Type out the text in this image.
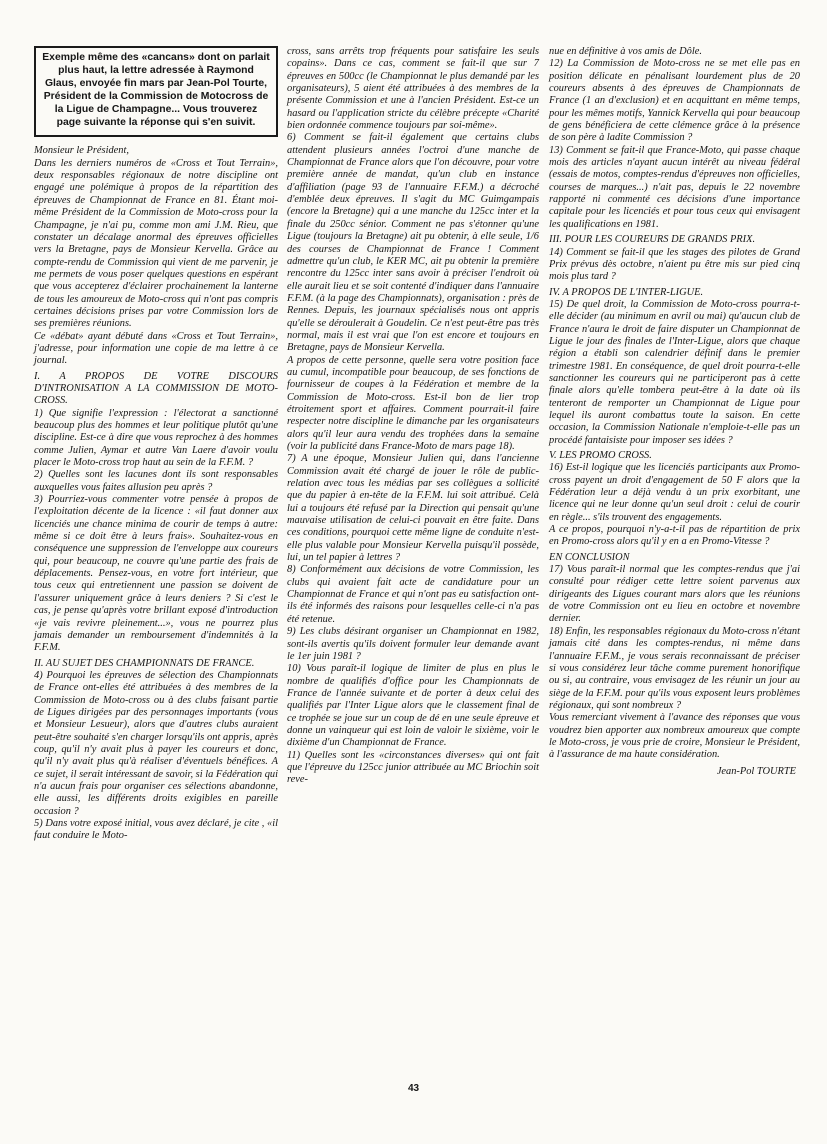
Exemple même des «cancans» dont on parlait plus haut, la lettre adressée à Raymond Glaus, envoyée fin mars par Jean-Pol Tourte, Président de la Commission de Motocross de la Ligue de Champagne... Vous trouverez page suivante la réponse qui s'en suivit.

Monsieur le Président,

Dans les derniers numéros de «Cross et Tout Terrain», deux responsables régionaux de notre discipline ont engagé une polémique à propos de la répartition des épreuves de Championnat de France en 81. Étant moi-même Président de la Commission de Moto-cross pour la Champagne, je n'ai pu, comme mon ami J.M. Rieu, que constater un décalage anormal des épreuves officielles vers la Bretagne, pays de Monsieur Kervella. Grâce au compte-rendu de Commission qui vient de me parvenir, je me permets de vous poser quelques questions en espérant que vous accepterez d'éclairer prochainement la lanterne de tous les amoureux de Moto-cross qui n'ont pas compris certaines décisions prises par votre Commission lors de ses premières réunions.

Ce «débat» ayant débuté dans «Cross et Tout Terrain», j'adresse, pour information une copie de ma lettre à ce journal.

I. A PROPOS DE VOTRE DISCOURS D'INTRONISATION A LA COMMISSION DE MOTO-CROSS.

1) Que signifie l'expression : l'électorat a sanctionné beaucoup plus des hommes et leur politique plutôt qu'une discipline. Est-ce à dire que vous reprochez à des hommes comme Julien, Aymar et autre Van Laere d'avoir voulu placer le Moto-cross trop haut au sein de la F.F.M. ?

2) Quelles sont les lacunes dont ils sont responsables auxquelles vous faites allusion peu après ?

3) Pourriez-vous commenter votre pensée à propos de l'exploitation décente de la licence : «il faut donner aux licenciés une chance minima de courir de temps à autre: même si ce doit être à leurs frais». Souhaitez-vous en conséquence une suppression de l'enveloppe aux coureurs qui, pour beaucoup, ne couvre qu'une partie des frais de déplacements. Pensez-vous, en votre fort intérieur, que tous ceux qui entretiennent une passion se doivent de l'assurer uniquement grâce à leurs deniers ? Si c'est le cas, je pense qu'après votre brillant exposé d'introduction «je vais revivre pleinement...», vous ne pourrez plus jamais demander un remboursement d'indemnités à la F.F.M.

II. AU SUJET DES CHAMPIONNATS DE FRANCE.

4) Pourquoi les épreuves de sélection des Championnats de France ont-elles été attribuées à des membres de la Commission de Moto-cross ou à des clubs faisant partie de Ligues dirigées par des personnages importants (vous et Monsieur Lesueur), alors que d'autres clubs auraient peut-être souhaité s'en charger lorsqu'ils ont appris, après coup, qu'il n'y avait plus à payer les coureurs et donc, qu'il n'y avait plus qu'à réaliser d'éventuels bénéfices. A ce sujet, il serait intéressant de savoir, si la Fédération qui n'a aucun frais pour organiser ces sélections abandonne, elle aussi, les différents droits exigibles en pareille occasion ?

5) Dans votre exposé initial, vous avez déclaré, je cite , «il faut conduire le Moto-

cross, sans arrêts trop fréquents pour satisfaire les seuls copains». Dans ce cas, comment se fait-il que sur 7 épreuves en 500cc (le Championnat le plus demandé par les organisateurs), 5 aient été attribuées à des membres de la présente Commission et une à l'ancien Président. Est-ce un hasard ou l'application stricte du célèbre précepte «Charité bien ordonnée commence toujours par soi-même».

6) Comment se fait-il également que certains clubs attendent plusieurs années l'octroi d'une manche de Championnat de France alors que l'on découvre, pour votre première année de mandat, qu'un club en instance d'affiliation (page 93 de l'annuaire F.F.M.) a décroché d'emblée deux épreuves. Il s'agit du MC Guimgampais (encore la Bretagne) qui a une manche du 125cc inter et la finale du 250cc sénior. Comment ne pas s'étonner qu'une Ligue (toujours la Bretagne) ait pu obtenir, à elle seule, 1/6 des courses de Championnat de France ! Comment admettre qu'un club, le KER MC, ait pu obtenir la première rencontre du 125cc inter sans avoir à préciser l'endroit où elle aurait lieu et se soit contenté d'indiquer dans l'annuaire F.F.M. (à la page des Championnats), organisation : près de Rennes. Depuis, les journaux spécialisés nous ont appris qu'elle se déroulerait à Goudelin. Ce n'est peut-être pas très normal, mais il est vrai que l'on est encore et toujours en Bretagne, pays de Monsieur Kervella.

A propos de cette personne, quelle sera votre position face au cumul, incompatible pour beaucoup, de ses fonctions de fournisseur de coupes à la Fédération et membre de la Commission de Moto-cross. Est-il bon de lier trop étroitement sport et affaires. Comment pourrait-il faire respecter notre discipline le dimanche par les organisateurs alors qu'il leur aura vendu des trophées dans la semaine (voir la publicité dans France-Moto de mars page 18).

7) A une époque, Monsieur Julien qui, dans l'ancienne Commission avait été chargé de jouer le rôle de public-relation avec tous les médias par ses collègues a sollicité que du papier à en-tête de la F.F.M. lui soit attribué. Celà lui a toujours été refusé par la Direction qui pensait qu'une mauvaise utilisation de celui-ci pouvait en être faite. Dans ces conditions, pourquoi cette même ligne de conduite n'est-elle plus valable pour Monsieur Kervella puisqu'il possède, lui, un tel papier à lettres ?

8) Conformément aux décisions de votre Commission, les clubs qui avaient fait acte de candidature pour un Championnat de France et qui n'ont pas eu satisfaction ont-ils été informés des raisons pour lesquelles celle-ci n'a pas été retenue.

9) Les clubs désirant organiser un Championnat en 1982, sont-ils avertis qu'ils doivent formuler leur demande avant le 1er juin 1981 ?

10) Vous paraît-il logique de limiter de plus en plus le nombre de qualifiés d'office pour les Championnats de France de l'année suivante et de porter à deux celui des qualifiés par l'Inter Ligue alors que le classement final de ce trophée se joue sur un coup de dé en une seule épreuve et donne un vainqueur qui est loin de valoir le sixième, voir le dixième d'un Championnat de France.

11) Quelles sont les «circonstances diverses» qui ont fait que l'épreuve du 125cc junior attribuée au MC Briochin soit reve-

nue en définitive à vos amis de Dôle.

12) La Commission de Moto-cross ne se met elle pas en position délicate en pénalisant lourdement plus de 20 coureurs absents à des épreuves de Championnats de France (1 an d'exclusion) et en acquittant en même temps, pour les mêmes motifs, Yannick Kervella qui pour beaucoup de gens bénéficiera de cette clémence grâce à la présence de son père à ladite Commission ?

13) Comment se fait-il que France-Moto, qui passe chaque mois des articles n'ayant aucun intérêt au niveau fédéral (essais de motos, comptes-rendus d'épreuves non officielles, courses de marques...) n'ait pas, depuis le 22 novembre rapporté ni commenté ces décisions d'une importance capitale pour les licenciés et pour tous ceux qui envisagent les qualifications en 1981.

III. POUR LES COUREURS DE GRANDS PRIX.

14) Comment se fait-il que les stages des pilotes de Grand Prix prévus dès octobre, n'aient pu être mis sur pied cinq mois plus tard ?

IV. A PROPOS DE L'INTER-LIGUE.

15) De quel droit, la Commission de Moto-cross pourra-t-elle décider (au minimum en avril ou mai) qu'aucun club de France n'aura le droit de faire disputer un Championnat de Ligue le jour des finales de l'Inter-Ligue, alors que chaque région a établi son calendrier définif dans le premier trimestre 1981. En conséquence, de quel droit pourra-t-elle sanctionner les coureurs qui ne participeront pas à cette finale alors qu'elle tombera peut-être à la date où ils tenteront de remporter un Championnat de Ligue pour lequel ils auront combattus toute la saison. En cette occasion, la Commission Nationale n'emploie-t-elle pas un procédé fantaisiste pour imposer ses idées ?

V. LES PROMO CROSS.

16) Est-il logique que les licenciés participants aux Promo-cross payent un droit d'engagement de 50 F alors que la Fédération leur a déjà vendu à un prix exorbitant, une licence qui ne leur donne qu'un seul droit : celui de courir en règle... s'ils trouvent des engagements.

A ce propos, pourquoi n'y-a-t-il pas de répartition de prix en Promo-cross alors qu'il y en a en Promo-Vitesse ?

EN CONCLUSION

17) Vous paraît-il normal que les comptes-rendus que j'ai consulté pour rédiger cette lettre soient parvenus aux dirigeants des Ligues courant mars alors que les réunions de votre Commission ont eu lieu en octobre et novembre dernier.

18) Enfin, les responsables régionaux du Moto-cross n'étant jamais cité dans les comptes-rendus, ni même dans l'annuaire F.F.M., je vous serais reconnaissant de préciser si vous considérez leur tâche comme purement honorifique ou si, au contraire, vous envisagez de les réunir un jour au siège de la F.F.M. pour qu'ils vous exposent leurs problèmes régionaux, qui sont nombreux ?

Vous remerciant vivement à l'avance des réponses que vous voudrez bien apporter aux nombreux amoureux que compte le Moto-cross, je vous prie de croire, Monsieur le Président, à l'assurance de ma haute considération.

Jean-Pol TOURTE

43
